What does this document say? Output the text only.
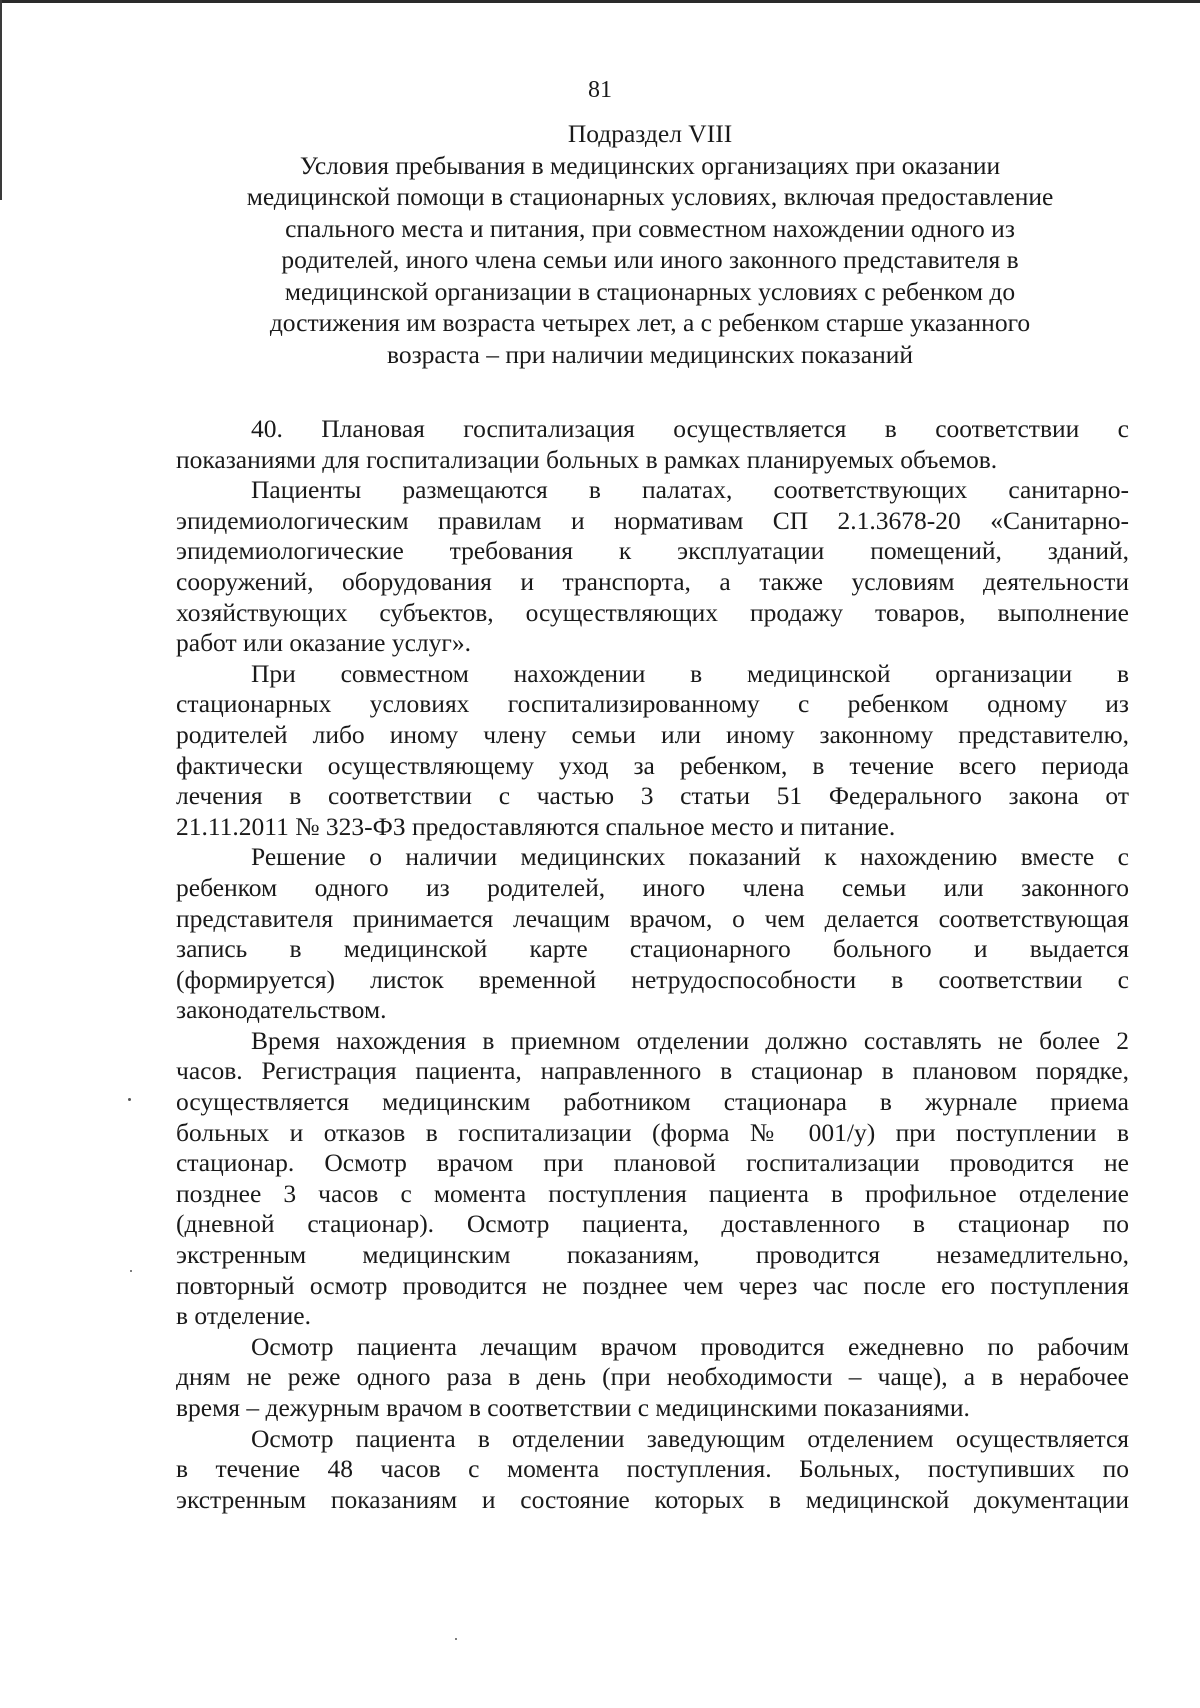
81
Подраздел VIII
Условия пребывания в медицинских организациях при оказании
медицинской помощи в стационарных условиях, включая предоставление
спального места и питания, при совместном нахождении одного из
родителей, иного члена семьи или иного законного представителя в
медицинской организации в стационарных условиях с ребенком до
достижения им возраста четырех лет, а с ребенком старше указанного
возраста – при наличии медицинских показаний
40. Плановая госпитализация осуществляется в соответствии с
показаниями для госпитализации больных в рамках планируемых объемов.
Пациенты размещаются в палатах, соответствующих санитарно-
эпидемиологическим правилам и нормативам СП 2.1.3678-20 «Санитарно-
эпидемиологические требования к эксплуатации помещений, зданий,
сооружений, оборудования и транспорта, а также условиям деятельности
хозяйствующих субъектов, осуществляющих продажу товаров, выполнение
работ или оказание услуг».
При совместном нахождении в медицинской организации в
стационарных условиях госпитализированному с ребенком одному из
родителей либо иному члену семьи или иному законному представителю,
фактически осуществляющему уход за ребенком, в течение всего периода
лечения в соответствии с частью 3 статьи 51 Федерального закона от
21.11.2011 № 323-ФЗ предоставляются спальное место и питание.
Решение о наличии медицинских показаний к нахождению вместе с
ребенком одного из родителей, иного члена семьи или законного
представителя принимается лечащим врачом, о чем делается соответствующая
запись в медицинской карте стационарного больного и выдается
(формируется) листок временной нетрудоспособности в соответствии с
законодательством.
Время нахождения в приемном отделении должно составлять не более 2
часов. Регистрация пациента, направленного в стационар в плановом порядке,
осуществляется медицинским работником стационара в журнале приема
больных и отказов в госпитализации (форма № 001/у) при поступлении в
стационар. Осмотр врачом при плановой госпитализации проводится не
позднее 3 часов с момента поступления пациента в профильное отделение
(дневной стационар). Осмотр пациента, доставленного в стационар по
экстренным медицинским показаниям, проводится незамедлительно,
повторный осмотр проводится не позднее чем через час после его поступления
в отделение.
Осмотр пациента лечащим врачом проводится ежедневно по рабочим
дням не реже одного раза в день (при необходимости – чаще), а в нерабочее
время – дежурным врачом в соответствии с медицинскими показаниями.
Осмотр пациента в отделении заведующим отделением осуществляется
в течение 48 часов с момента поступления. Больных, поступивших по
экстренным показаниям и состояние которых в медицинской документации
